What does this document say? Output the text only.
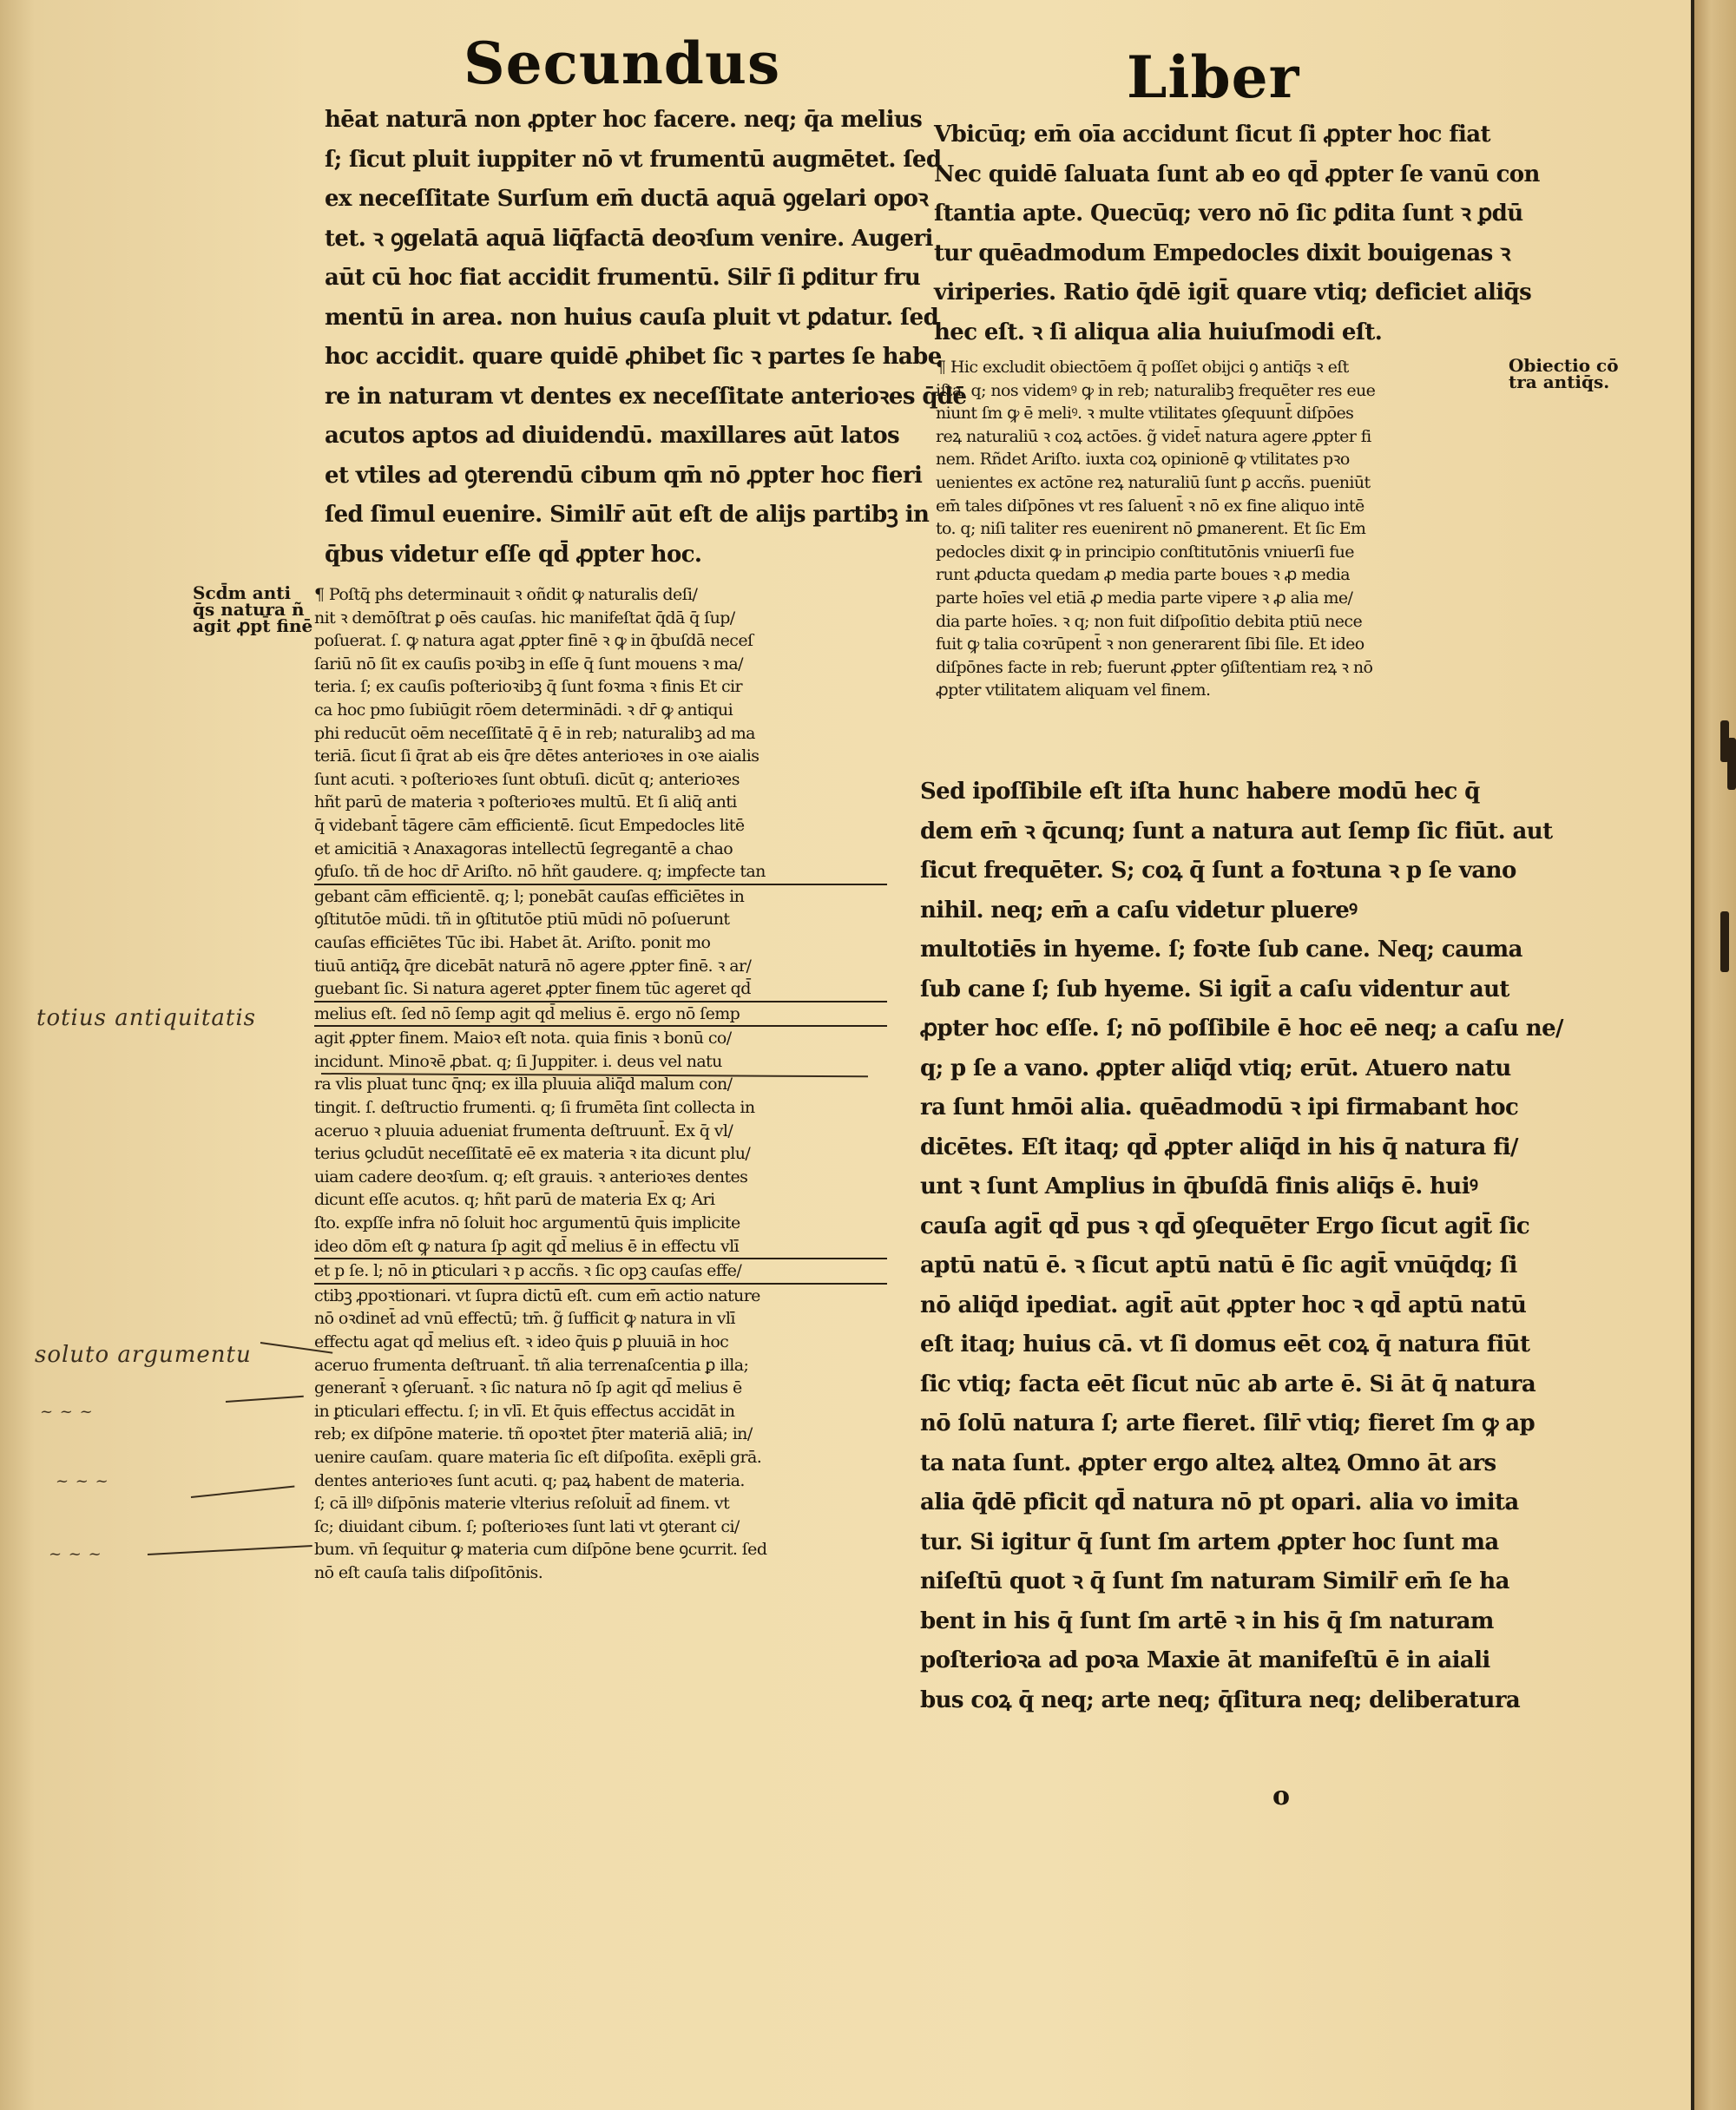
Secundus	Liber
hēat naturā non ꝓpter hoc facere. neq; q̄a melius
ſ; ſicut pluit iuppiter nō vt frumentū augmētet. ſed
ex neceſſitate Surſum em̄ ductā aquā ꝯgelari opoꝛ
tet. ꝛ ꝯgelatā aquā liq̄factā deoꝛſum venire. Augeri
aūt cū hoc fiat accidit frumentū. Silr̄ ſi ꝑditur fru
mentū in area. non huius cauſa pluit vt ꝑdatur. ſed
hoc accidit. quare quidē ꝓhibet ſic ꝛ partes ſe habe
re in naturam vt dentes ex neceſſitate anterioꝛes q̄dē
acutos aptos ad diuidendū. maxillares aūt latos
et vtiles ad ꝯterendū cibum qm̄ nō ꝓpter hoc fieri
ſed ſimul euenire. Similr̄ aūt eſt de alijs partibꝫ in
q̄bus videtur eſſe qd̄ ꝓpter hoc.
¶ Poſtq̄ phs determinauit ꝛ oñdit ꝙ naturalis deſi/
nit ꝛ demōſtrat ꝑ oēs cauſas. hic manifeſtat q̄dā q̄ ſup/
poſuerat. ſ. ꝙ natura agat ꝓpter finē ꝛ ꝙ in q̄buſdā neceſ
ſariū nō ſit ex cauſis poꝛibꝫ in eſſe q̄ ſunt mouens ꝛ ma/
teria. ſ; ex cauſis poſterioꝛibꝫ q̄ ſunt foꝛma ꝛ finis Et cir
ca hoc pmo ſubiūgit rōem determinādi. ꝛ dr̄ ꝙ antiqui
phi reducūt oēm neceſſitatē q̄ ē in reb; naturalibꝫ ad ma
teriā. ſicut ſi q̄rat ab eis q̄re dētes anterioꝛes in oꝛe aialis
ſunt acuti. ꝛ poſterioꝛes ſunt obtuſi. dicūt q; anterioꝛes
hñt parū de materia ꝛ poſterioꝛes multū. Et ſi aliq̄ anti
q̄ videbant̄ tāgere cām efficientē. ſicut Empedocles litē
et amicitiā ꝛ Anaxagoras intellectū ſegregantē a chao
ꝯfuſo. tñ de hoc dr̄ Ariſto. nō hñt gaudere. q; imꝑfecte tan
gebant cām efficientē. q; l; ponebāt cauſas efficiētes in
ꝯſtitutōe mūdi. tñ in ꝯſtitutōe ptiū mūdi nō poſuerunt
cauſas efficiētes Tūc ibi. Habet āt. Ariſto. ponit mo
tiuū antiq̄ꝝ q̄re dicebāt naturā nō agere ꝓpter finē. ꝛ ar/
guebant ſic. Si natura ageret ꝓpter finem tūc ageret qd̄
melius eſt. ſed nō ſemp agit qd̄ melius ē. ergo nō ſemp
agit ꝓpter finem. Maioꝛ eſt nota. quia finis ꝛ bonū co/
incidunt. Minoꝛē ꝓbat. q; ſi Juppiter. i. deus vel natu
ra vlis pluat tunc q̄nq; ex illa pluuia aliq̄d malum con/
tingit. ſ. deſtructio frumenti. q; ſi frumēta ſint collecta in
aceruo ꝛ pluuia adueniat frumenta deſtruunt̄. Ex q̄ vl/
terius ꝯcludūt neceſſitatē eē ex materia ꝛ ita dicunt plu/
uiam cadere deoꝛſum. q; eſt grauis. ꝛ anterioꝛes dentes
dicunt eſſe acutos. q; hñt parū de materia Ex q; Ari
ſto. expſſe infra nō ſoluit hoc argumentū q̄uis implicite
ideo dōm eſt ꝙ natura ſp agit qd̄ melius ē in effectu vlī
et p ſe. l; nō in ꝑticulari ꝛ p accñs. ꝛ ſic opꝫ cauſas effe/
ctibꝫ ꝓpoꝛtionari. vt ſupra dictū eſt. cum em̄ actio nature
nō oꝛdinet̄ ad vnū effectū; tm̄. g̃ ſufficit ꝙ natura in vlī
effectu agat qd̄ melius eſt. ꝛ ideo q̄uis ꝑ pluuiā in hoc
aceruo frumenta deſtruant̄. tñ alia terrenaſcentia ꝑ illa;
generant̄ ꝛ ꝯſeruant̄. ꝛ ſic natura nō ſp agit qd̄ melius ē
in ꝑticulari effectu. ſ; in vlī. Et q̄uis effectus accidāt in
reb; ex diſpōne materie. tñ opoꝛtet p̄ter materiā aliā; in/
uenire cauſam. quare materia ſic eſt diſpoſita. exēpli grā.
dentes anterioꝛes ſunt acuti. q; paꝝ habent de materia.
ſ; cā illꝰ diſpōnis materie vlterius reſoluit̄ ad finem. vt
ſc; diuidant cibum. ſ; poſterioꝛes ſunt lati vt ꝯterant ci/
bum. vn̄ ſequitur ꝙ materia cum diſpōne bene ꝯcurrit. ſed
nō eſt cauſa talis diſpoſitōnis.
Vbicūq; em̄ oīa accidunt ſicut ſi ꝓpter hoc fiat
Nec quidē ſaluata ſunt ab eo qd̄ ꝓpter ſe vanū con
ſtantia apte. Quecūq; vero nō ſic ꝑdita ſunt ꝛ ꝑdū
tur quēadmodum Empedocles dixit bouigenas ꝛ
viriperies. Ratio q̄dē igit̄ quare vtiq; deficiet aliq̄s
hec eſt. ꝛ ſi aliqua alia huiuſmodi eſt.
¶ Hic excludit obiectōem q̄ poſſet obijci ꝯ antiq̄s ꝛ eſt
iſta. q; nos videmꝰ ꝙ in reb; naturalibꝫ frequēter res eue
niunt ſm ꝙ ē meliꝰ. ꝛ multe vtilitates ꝯſequunt̄ diſpōes
reꝝ naturaliū ꝛ coꝝ actōes. g̃ videt̄ natura agere ꝓpter fi
nem. Rñdet Ariſto. iuxta coꝝ opinionē ꝙ vtilitates pꝛo
uenientes ex actōne reꝝ naturaliū ſunt ꝑ accñs. pueniūt
em̄ tales diſpōnes vt res ſaluent̄ ꝛ nō ex fine aliquo intē
to. q; niſi taliter res euenirent nō ꝑmanerent. Et ſic Em
pedocles dixit ꝙ in principio conſtitutōnis vniuerſi fue
runt ꝓducta quedam ꝓ media parte boues ꝛ ꝓ media
parte hoīes vel etiā ꝓ media parte vipere ꝛ ꝓ alia me/
dia parte hoīes. ꝛ q; non fuit diſpoſitio debita ptiū nece
fuit ꝙ talia coꝛrūpent̄ ꝛ non generarent ſibi ſile. Et ideo
diſpōnes facte in reb; fuerunt ꝓpter ꝯſiſtentiam reꝝ ꝛ nō
ꝓpter vtilitatem aliquam vel finem.
Sed ipoſſibile eſt iſta hunc habere modū hec q̄
dem em̄ ꝛ q̄cunq; ſunt a natura aut ſemp ſic fiūt. aut
ſicut frequēter. S; coꝝ q̄ ſunt a foꝛtuna ꝛ p ſe vano
nihil. neq; em̄ a caſu videtur pluereꝰ
multotiēs in hyeme. ſ; foꝛte ſub cane. Neq; cauma
ſub cane ſ; ſub hyeme. Si igit̄ a caſu videntur aut
ꝓpter hoc eſſe. ſ; nō poſſibile ē hoc eē neq; a caſu ne/
q; p ſe a vano. ꝓpter aliq̄d vtiq; erūt. Atuero natu
ra ſunt hmōi alia. quēadmodū ꝛ ipi firmabant hoc
dicētes. Eſt itaq; qd̄ ꝓpter aliq̄d in his q̄ natura fi/
unt ꝛ ſunt Amplius in q̄buſdā finis aliq̄s ē. huiꝰ
cauſa agit̄ qd̄ pus ꝛ qd̄ ꝯſequēter Ergo ſicut agit̄ ſic
aptū natū ē. ꝛ ſicut aptū natū ē ſic agit̄ vnūq̄dq; ſi
nō aliq̄d ipediat. agit̄ aūt ꝓpter hoc ꝛ qd̄ aptū natū
eſt itaq; huius cā. vt ſi domus eēt coꝝ q̄ natura fiūt
ſic vtiq; facta eēt ſicut nūc ab arte ē. Si āt q̄ natura
nō ſolū natura ſ; arte fieret. ſilr̄ vtiq; fieret ſm ꝙ ap
ta nata ſunt. ꝓpter ergo alteꝝ alteꝝ Omno āt ars
alia q̄dē pficit qd̄ natura nō pt opari. alia vo imita
tur. Si igitur q̄ ſunt ſm artem ꝓpter hoc ſunt ma
niſeſtū quot ꝛ q̄ ſunt ſm naturam Similr̄ em̄ ſe ha
bent in his q̄ ſunt ſm artē ꝛ in his q̄ ſm naturam
poſterioꝛa ad poꝛa Maxie āt manifeſtū ē in aiali
bus coꝝ q̄ neq; arte neq; q̄ſitura neq; deliberatura
Scd̄m anti
q̄s natura ñ
agit ꝓpt̄ finē
Obiectio cō
tra antiq̄s.
totius antiquitatis
soluto argumentu
~ ~ ~
~ ~ ~
~ ~ ~
o
